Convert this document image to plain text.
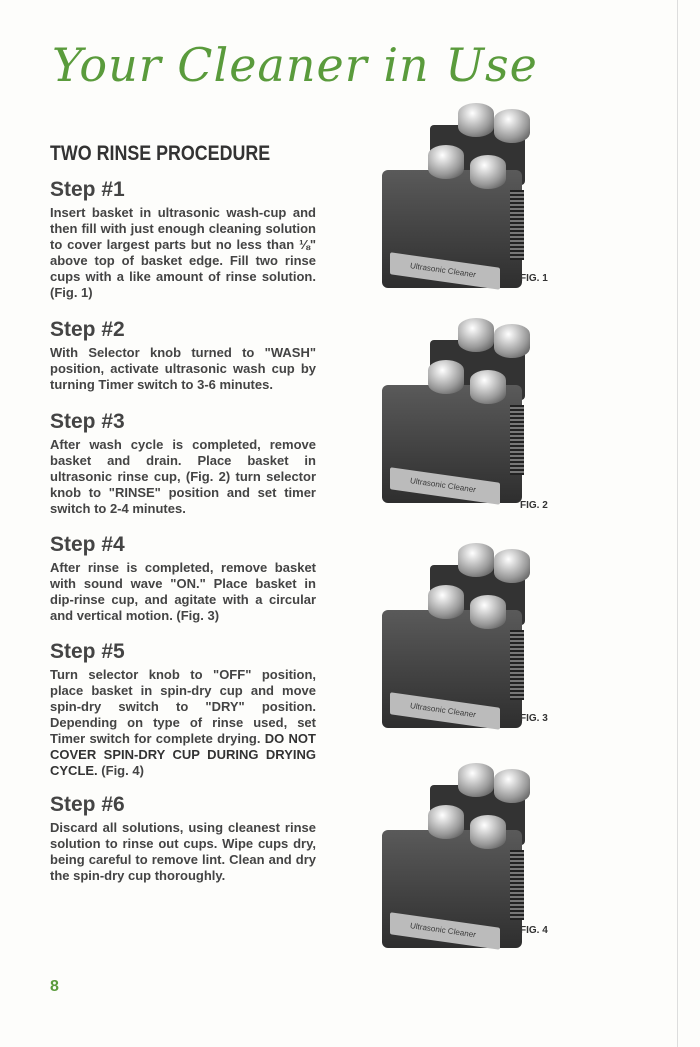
Your Cleaner in Use
TWO RINSE PROCEDURE
Step #1

Insert basket in ultrasonic wash-cup and then fill with just enough cleaning solution to cover largest parts but no less than ⅛" above top of basket edge. Fill two rinse cups with a like amount of rinse solution. (Fig. 1)

Step #2

With Selector knob turned to "WASH" position, activate ultrasonic wash cup by turning Timer switch to 3-6 minutes.

Step #3

After wash cycle is completed, remove basket and drain. Place basket in ultrasonic rinse cup, (Fig. 2) turn selector knob to "RINSE" position and set timer switch to 2-4 minutes.

Step #4

After rinse is completed, remove basket with sound wave "ON." Place basket in dip-rinse cup, and agitate with a circular and vertical motion. (Fig. 3)

Step #5

Turn selector knob to "OFF" position, place basket in spin-dry cup and move spin-dry switch to "DRY" position. Depending on type of rinse used, set Timer switch for complete drying. DO NOT COVER SPIN-DRY CUP DURING DRYING CYCLE. (Fig. 4)

Step #6

Discard all solutions, using cleanest rinse solution to rinse out cups. Wipe cups dry, being careful to remove lint. Clean and dry the spin-dry cup thoroughly.

Ultrasonic Cleaner	FIG. 1
Ultrasonic Cleaner
FIG. 2
Ultrasonic Cleaner	FIG. 3
Ultrasonic Cleaner	FIG. 4
8
